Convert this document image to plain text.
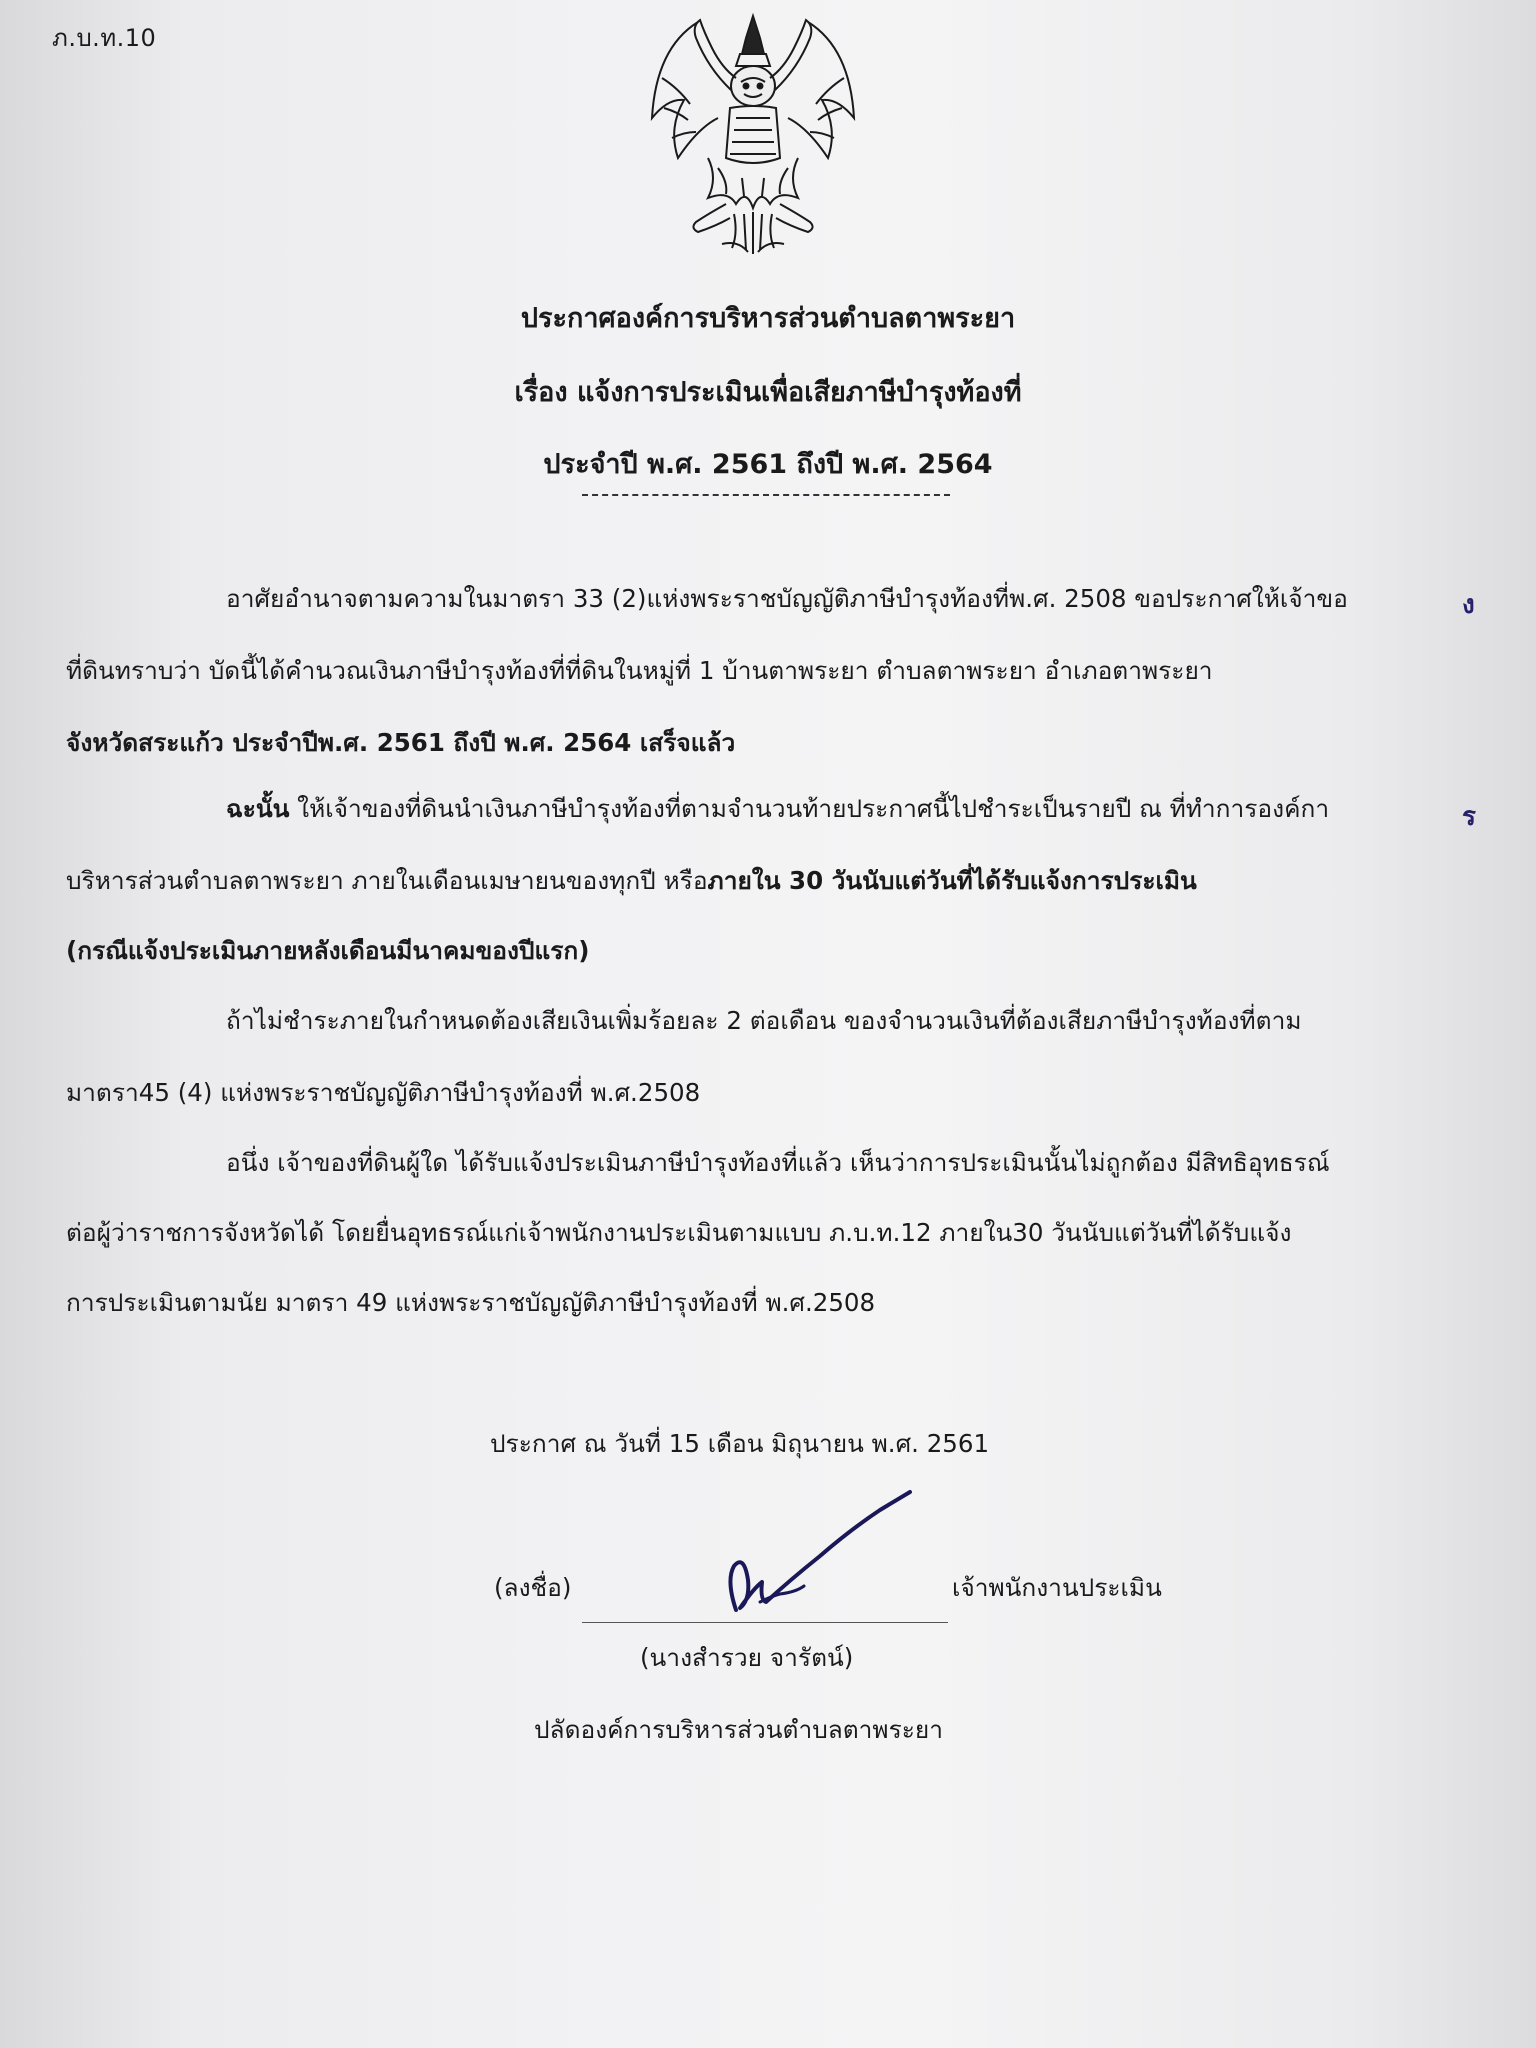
ภ.บ.ท.10
ประกาศองค์การบริหารส่วนตำบลตาพระยา
เรื่อง แจ้งการประเมินเพื่อเสียภาษีบำรุงท้องที่
ประจำปี พ.ศ. 2561 ถึงปี พ.ศ. 2564
อาศัยอำนาจตามความในมาตรา 33 (2)แห่งพระราชบัญญัติภาษีบำรุงท้องที่พ.ศ. 2508 ขอประกาศให้เจ้าขอ
ที่ดินทราบว่า บัดนี้ได้คำนวณเงินภาษีบำรุงท้องที่ที่ดินในหมู่ที่ 1 บ้านตาพระยา ตำบลตาพระยา อำเภอตาพระยา
จังหวัดสระแก้ว ประจำปีพ.ศ. 2561 ถึงปี พ.ศ. 2564 เสร็จแล้ว
ฉะนั้น ให้เจ้าของที่ดินนำเงินภาษีบำรุงท้องที่ตามจำนวนท้ายประกาศนี้ไปชำระเป็นรายปี ณ ที่ทำการองค์กา
บริหารส่วนตำบลตาพระยา ภายในเดือนเมษายนของทุกปี หรือภายใน 30 วันนับแต่วันที่ได้รับแจ้งการประเมิน
(กรณีแจ้งประเมินภายหลังเดือนมีนาคมของปีแรก)
ถ้าไม่ชำระภายในกำหนดต้องเสียเงินเพิ่มร้อยละ 2 ต่อเดือน ของจำนวนเงินที่ต้องเสียภาษีบำรุงท้องที่ตาม
มาตรา45 (4) แห่งพระราชบัญญัติภาษีบำรุงท้องที่ พ.ศ.2508
อนึ่ง เจ้าของที่ดินผู้ใด ได้รับแจ้งประเมินภาษีบำรุงท้องที่แล้ว เห็นว่าการประเมินนั้นไม่ถูกต้อง มีสิทธิอุทธรณ์
ต่อผู้ว่าราชการจังหวัดได้ โดยยื่นอุทธรณ์แก่เจ้าพนักงานประเมินตามแบบ ภ.บ.ท.12 ภายใน30 วันนับแต่วันที่ได้รับแจ้ง
การประเมินตามนัย มาตรา 49 แห่งพระราชบัญญัติภาษีบำรุงท้องที่ พ.ศ.2508
ง
ร
ประกาศ ณ วันที่ 15 เดือน มิถุนายน พ.ศ. 2561
(ลงชื่อ)	เจ้าพนักงานประเมิน
(นางสำรวย จารัตน์)
ปลัดองค์การบริหารส่วนตำบลตาพระยา
